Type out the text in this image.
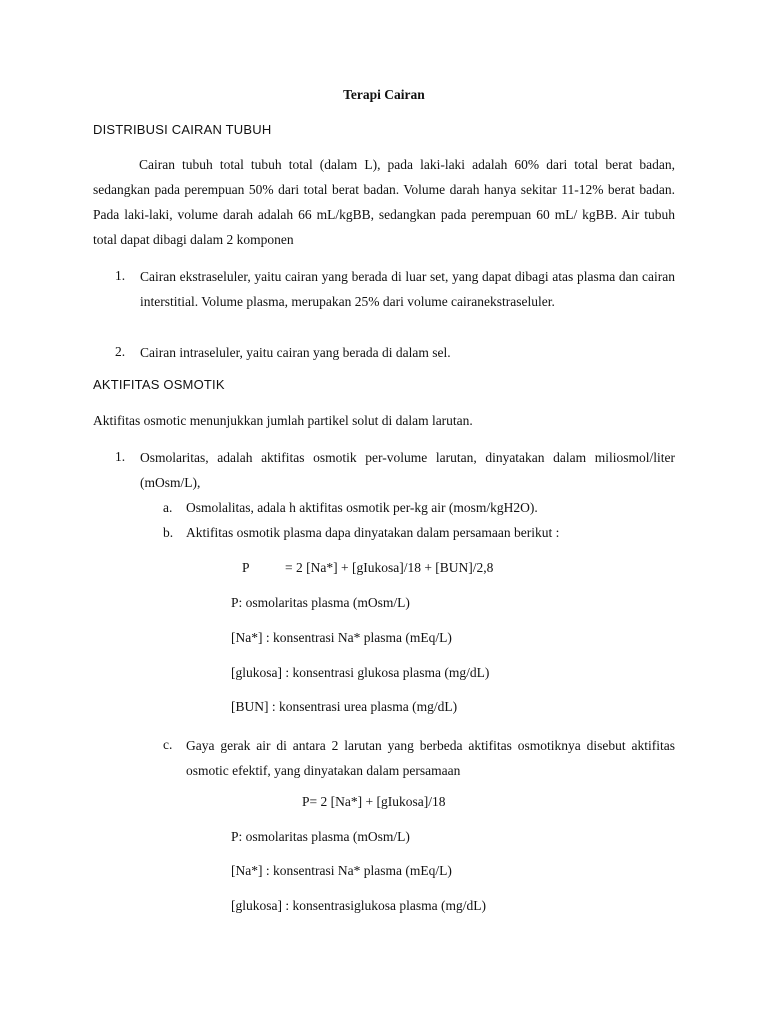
Terapi Cairan
DISTRIBUSI CAIRAN TUBUH
Cairan tubuh total tubuh total (dalam L), pada laki-laki adalah 60% dari total berat badan, sedangkan pada perempuan 50% dari total berat badan. Volume darah hanya sekitar 11-12% berat badan. Pada laki-laki, volume darah adalah 66 mL/kgBB, sedangkan pada perempuan 60 mL/ kgBB. Air tubuh total dapat dibagi dalam 2 komponen
1. Cairan ekstraseluler, yaitu cairan yang berada di luar set, yang dapat dibagi atas plasma dan cairan interstitial. Volume plasma, merupakan 25% dari volume cairanekstraseluler.
2. Cairan intraseluler, yaitu cairan yang berada di dalam sel.
AKTIFITAS OSMOTIK
Aktifitas osmotic menunjukkan jumlah partikel solut di dalam larutan.
1. Osmolaritas, adalah aktifitas osmotik per-volume larutan, dinyatakan dalam miliosmol/liter (mOsm/L),
a. Osmolalitas, adala h aktifitas osmotik per-kg air (mosm/kgH2O).
b. Aktifitas osmotik plasma dapa dinyatakan dalam persamaan berikut :
P	= 2 [Na*] + [gIukosa]/18 + [BUN]/2,8
P: osmolaritas plasma (mOsm/L)
[Na*] : konsentrasi Na* plasma (mEq/L)
[glukosa] : konsentrasi glukosa plasma (mg/dL)
[BUN] : konsentrasi urea plasma (mg/dL)
c. Gaya gerak air di antara 2 larutan yang berbeda aktifitas osmotiknya disebut aktifitas osmotic efektif, yang dinyatakan dalam persamaan
P= 2 [Na*] + [gIukosa]/18
P: osmolaritas plasma (mOsm/L)
[Na*] : konsentrasi Na* plasma (mEq/L)
[glukosa] : konsentrasiglukosa plasma (mg/dL)
